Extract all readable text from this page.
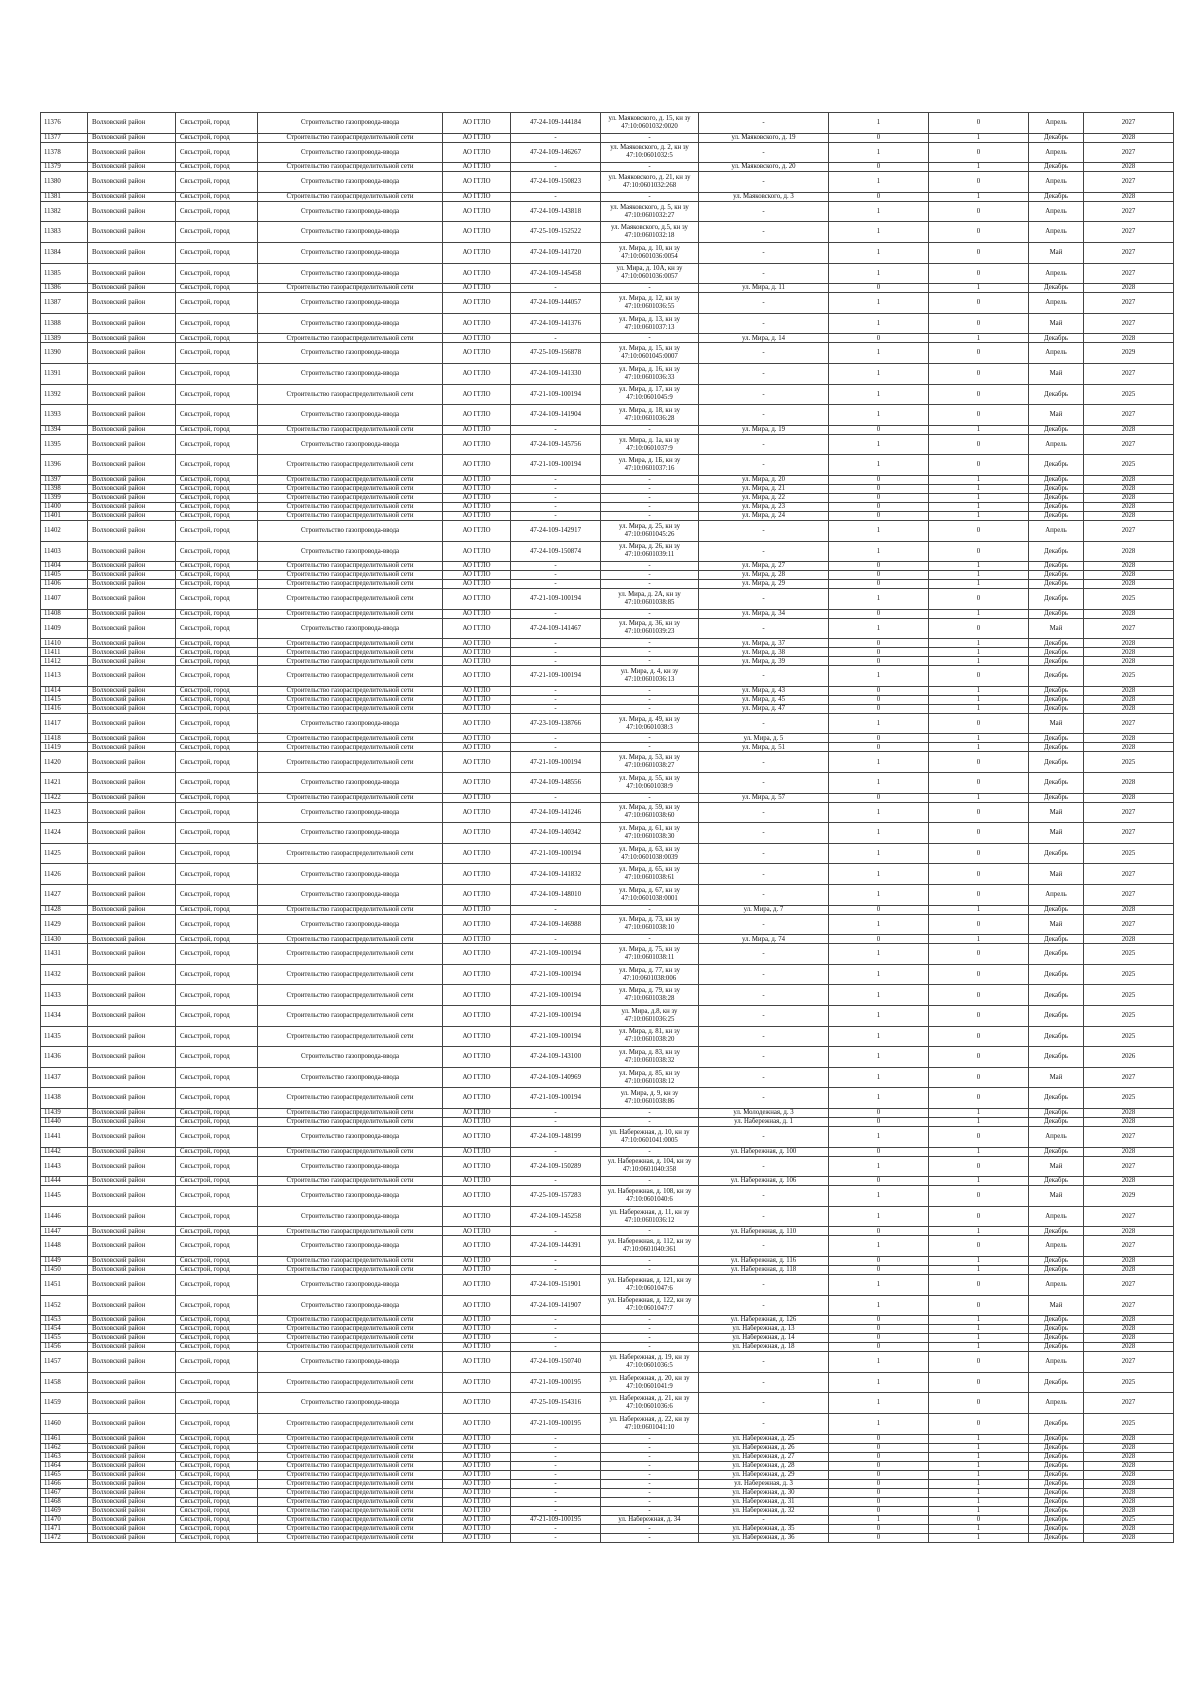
11376	Волховский район	Сясьстрой, город	Строительство газопровода-ввода	АО ГГЛО	47-24-109-144184	ул. Маяковского, д. 15, кн зу 47:10:0601032:0020	-	1	0	Апрель	2027
11377	Волховский район	Сясьстрой, город	Строительство газораспределительной сети	АО ГГЛО	-	-	ул. Маяковского, д. 19	0	1	Декабрь	2028
11378	Волховский район	Сясьстрой, город	Строительство газопровода-ввода	АО ГГЛО	47-24-109-146267	ул. Маяковского, д. 2, кн зу 47:10:0601032:5	-	1	0	Апрель	2027
11379	Волховский район	Сясьстрой, город	Строительство газораспределительной сети	АО ГГЛО	-	-	ул. Маяковского, д. 20	0	1	Декабрь	2028
11380	Волховский район	Сясьстрой, город	Строительство газопровода-ввода	АО ГГЛО	47-24-109-150823	ул. Маяковского, д. 21, кн зу 47:10:0601032:268	-	1	0	Апрель	2027
11381	Волховский район	Сясьстрой, город	Строительство газораспределительной сети	АО ГГЛО	-	-	ул. Маяковского, д. 3	0	1	Декабрь	2028
11382	Волховский район	Сясьстрой, город	Строительство газопровода-ввода	АО ГГЛО	47-24-109-143818	ул. Маяковского, д. 5, кн зу 47:10:0601032:27	-	1	0	Апрель	2027
11383	Волховский район	Сясьстрой, город	Строительство газопровода-ввода	АО ГГЛО	47-25-109-152522	ул. Маяковского, д.5, кн зу 47:10:0601032:18	-	1	0	Апрель	2027
11384	Волховский район	Сясьстрой, город	Строительство газопровода-ввода	АО ГГЛО	47-24-109-141720	ул. Мира, д. 10, кн зу 47:10:0601036:0054	-	1	0	Май	2027
11385	Волховский район	Сясьстрой, город	Строительство газопровода-ввода	АО ГГЛО	47-24-109-145458	ул. Мира, д. 10А, кн зу 47:10:0601036:0057	-	1	0	Апрель	2027
11386	Волховский район	Сясьстрой, город	Строительство газораспределительной сети	АО ГГЛО	-	-	ул. Мира, д. 11	0	1	Декабрь	2028
11387	Волховский район	Сясьстрой, город	Строительство газопровода-ввода	АО ГГЛО	47-24-109-144057	ул. Мира, д. 12, кн зу 47:10:0601036:55	-	1	0	Апрель	2027
11388	Волховский район	Сясьстрой, город	Строительство газопровода-ввода	АО ГГЛО	47-24-109-141376	ул. Мира, д. 13, кн зу 47:10:0601037:13	-	1	0	Май	2027
11389	Волховский район	Сясьстрой, город	Строительство газораспределительной сети	АО ГГЛО	-	-	ул. Мира, д. 14	0	1	Декабрь	2028
11390	Волховский район	Сясьстрой, город	Строительство газопровода-ввода	АО ГГЛО	47-25-109-156878	ул. Мира, д. 15, кн зу 47:10:0601045:0007	-	1	0	Апрель	2029
11391	Волховский район	Сясьстрой, город	Строительство газопровода-ввода	АО ГГЛО	47-24-109-141330	ул. Мира, д. 16, кн зу 47:10:0601036:33	-	1	0	Май	2027
11392	Волховский район	Сясьстрой, город	Строительство газораспределительной сети	АО ГГЛО	47-21-109-100194	ул. Мира, д. 17, кн зу 47:10:0601045:9	-	1	0	Декабрь	2025
11393	Волховский район	Сясьстрой, город	Строительство газопровода-ввода	АО ГГЛО	47-24-109-141904	ул. Мира, д. 18, кн зу 47:10:0601036:28	-	1	0	Май	2027
11394	Волховский район	Сясьстрой, город	Строительство газораспределительной сети	АО ГГЛО	-	-	ул. Мира, д. 19	0	1	Декабрь	2028
11395	Волховский район	Сясьстрой, город	Строительство газопровода-ввода	АО ГГЛО	47-24-109-145756	ул. Мира, д. 1а, кн зу 47:10:0601037:9	-	1	0	Апрель	2027
11396	Волховский район	Сясьстрой, город	Строительство газораспределительной сети	АО ГГЛО	47-21-109-100194	ул. Мира, д. 1Б, кн зу 47:10:0601037:16	-	1	0	Декабрь	2025
11397	Волховский район	Сясьстрой, город	Строительство газораспределительной сети	АО ГГЛО	-	-	ул. Мира, д. 20	0	1	Декабрь	2028
11398	Волховский район	Сясьстрой, город	Строительство газораспределительной сети	АО ГГЛО	-	-	ул. Мира, д. 21	0	1	Декабрь	2028
11399	Волховский район	Сясьстрой, город	Строительство газораспределительной сети	АО ГГЛО	-	-	ул. Мира, д. 22	0	1	Декабрь	2028
11400	Волховский район	Сясьстрой, город	Строительство газораспределительной сети	АО ГГЛО	-	-	ул. Мира, д. 23	0	1	Декабрь	2028
11401	Волховский район	Сясьстрой, город	Строительство газораспределительной сети	АО ГГЛО	-	-	ул. Мира, д. 24	0	1	Декабрь	2028
11402	Волховский район	Сясьстрой, город	Строительство газопровода-ввода	АО ГГЛО	47-24-109-142917	ул. Мира, д. 25, кн зу 47:10:0601045:26	-	1	0	Апрель	2027
11403	Волховский район	Сясьстрой, город	Строительство газопровода-ввода	АО ГГЛО	47-24-109-150874	ул. Мира, д. 26, кн зу 47:10:0601039:11	-	1	0	Декабрь	2028
11404	Волховский район	Сясьстрой, город	Строительство газораспределительной сети	АО ГГЛО	-	-	ул. Мира, д. 27	0	1	Декабрь	2028
11405	Волховский район	Сясьстрой, город	Строительство газораспределительной сети	АО ГГЛО	-	-	ул. Мира, д. 28	0	1	Декабрь	2028
11406	Волховский район	Сясьстрой, город	Строительство газораспределительной сети	АО ГГЛО	-	-	ул. Мира, д. 29	0	1	Декабрь	2028
11407	Волховский район	Сясьстрой, город	Строительство газораспределительной сети	АО ГГЛО	47-21-109-100194	ул. Мира, д. 2А, кн зу 47:10:0601038:85	-	1	0	Декабрь	2025
11408	Волховский район	Сясьстрой, город	Строительство газораспределительной сети	АО ГГЛО	-	-	ул. Мира, д. 34	0	1	Декабрь	2028
11409	Волховский район	Сясьстрой, город	Строительство газопровода-ввода	АО ГГЛО	47-24-109-141467	ул. Мира, д. 36, кн зу 47:10:0601039:23	-	1	0	Май	2027
11410	Волховский район	Сясьстрой, город	Строительство газораспределительной сети	АО ГГЛО	-	-	ул. Мира, д. 37	0	1	Декабрь	2028
11411	Волховский район	Сясьстрой, город	Строительство газораспределительной сети	АО ГГЛО	-	-	ул. Мира, д. 38	0	1	Декабрь	2028
11412	Волховский район	Сясьстрой, город	Строительство газораспределительной сети	АО ГГЛО	-	-	ул. Мира, д. 39	0	1	Декабрь	2028
11413	Волховский район	Сясьстрой, город	Строительство газораспределительной сети	АО ГГЛО	47-21-109-100194	ул. Мира, д. 4, кн зу 47:10:0601036:13	-	1	0	Декабрь	2025
11414	Волховский район	Сясьстрой, город	Строительство газораспределительной сети	АО ГГЛО	-	-	ул. Мира, д. 43	0	1	Декабрь	2028
11415	Волховский район	Сясьстрой, город	Строительство газораспределительной сети	АО ГГЛО	-	-	ул. Мира, д. 45	0	1	Декабрь	2028
11416	Волховский район	Сясьстрой, город	Строительство газораспределительной сети	АО ГГЛО	-	-	ул. Мира, д. 47	0	1	Декабрь	2028
11417	Волховский район	Сясьстрой, город	Строительство газопровода-ввода	АО ГГЛО	47-23-109-138766	ул. Мира, д. 49, кн зу 47:10:0601038:3	-	1	0	Май	2027
11418	Волховский район	Сясьстрой, город	Строительство газораспределительной сети	АО ГГЛО	-	-	ул. Мира, д. 5	0	1	Декабрь	2028
11419	Волховский район	Сясьстрой, город	Строительство газораспределительной сети	АО ГГЛО	-	-	ул. Мира, д. 51	0	1	Декабрь	2028
11420	Волховский район	Сясьстрой, город	Строительство газораспределительной сети	АО ГГЛО	47-21-109-100194	ул. Мира, д. 53, кн зу 47:10:0601038:27	-	1	0	Декабрь	2025
11421	Волховский район	Сясьстрой, город	Строительство газопровода-ввода	АО ГГЛО	47-24-109-148556	ул. Мира, д. 55, кн зу 47:10:0601038:9	-	1	0	Декабрь	2028
11422	Волховский район	Сясьстрой, город	Строительство газораспределительной сети	АО ГГЛО	-	-	ул. Мира, д. 57	0	1	Декабрь	2028
11423	Волховский район	Сясьстрой, город	Строительство газопровода-ввода	АО ГГЛО	47-24-109-141246	ул. Мира, д. 59, кн зу 47:10:0601038:60	-	1	0	Май	2027
11424	Волховский район	Сясьстрой, город	Строительство газопровода-ввода	АО ГГЛО	47-24-109-140342	ул. Мира, д. 61, кн зу 47:10:0601038:30	-	1	0	Май	2027
11425	Волховский район	Сясьстрой, город	Строительство газораспределительной сети	АО ГГЛО	47-21-109-100194	ул. Мира, д. 63, кн зу 47:10:0601038:0039	-	1	0	Декабрь	2025
11426	Волховский район	Сясьстрой, город	Строительство газопровода-ввода	АО ГГЛО	47-24-109-141832	ул. Мира, д. 65, кн зу 47:10:0601038:61	-	1	0	Май	2027
11427	Волховский район	Сясьстрой, город	Строительство газопровода-ввода	АО ГГЛО	47-24-109-148010	ул. Мира, д. 67, кн зу 47:10:0601038:0001	-	1	0	Апрель	2027
11428	Волховский район	Сясьстрой, город	Строительство газораспределительной сети	АО ГГЛО	-	-	ул. Мира, д. 7	0	1	Декабрь	2028
11429	Волховский район	Сясьстрой, город	Строительство газопровода-ввода	АО ГГЛО	47-24-109-146988	ул. Мира, д. 73, кн зу 47:10:0601038:10	-	1	0	Май	2027
11430	Волховский район	Сясьстрой, город	Строительство газораспределительной сети	АО ГГЛО	-	-	ул. Мира, д. 74	0	1	Декабрь	2028
11431	Волховский район	Сясьстрой, город	Строительство газораспределительной сети	АО ГГЛО	47-21-109-100194	ул. Мира, д. 75, кн зу 47:10:0601038:11	-	1	0	Декабрь	2025
11432	Волховский район	Сясьстрой, город	Строительство газораспределительной сети	АО ГГЛО	47-21-109-100194	ул. Мира, д. 77, кн зу 47:10:0601038:006	-	1	0	Декабрь	2025
11433	Волховский район	Сясьстрой, город	Строительство газораспределительной сети	АО ГГЛО	47-21-109-100194	ул. Мира, д. 79, кн зу 47:10:0601038:28	-	1	0	Декабрь	2025
11434	Волховский район	Сясьстрой, город	Строительство газораспределительной сети	АО ГГЛО	47-21-109-100194	ул. Мира, д.8, кн зу 47:10:0601036:25	-	1	0	Декабрь	2025
11435	Волховский район	Сясьстрой, город	Строительство газораспределительной сети	АО ГГЛО	47-21-109-100194	ул. Мира, д. 81, кн зу 47:10:0601038:20	-	1	0	Декабрь	2025
11436	Волховский район	Сясьстрой, город	Строительство газопровода-ввода	АО ГГЛО	47-24-109-143100	ул. Мира, д. 83, кн зу 47:10:0601038:32	-	1	0	Декабрь	2026
11437	Волховский район	Сясьстрой, город	Строительство газопровода-ввода	АО ГГЛО	47-24-109-140969	ул. Мира, д. 85, кн зу 47:10:0601038:12	-	1	0	Май	2027
11438	Волховский район	Сясьстрой, город	Строительство газораспределительной сети	АО ГГЛО	47-21-109-100194	ул. Мира, д. 9, кн зу 47:10:0601038:86	-	1	0	Декабрь	2025
11439	Волховский район	Сясьстрой, город	Строительство газораспределительной сети	АО ГГЛО	-	-	ул. Молодежная, д. 3	0	1	Декабрь	2028
11440	Волховский район	Сясьстрой, город	Строительство газораспределительной сети	АО ГГЛО	-	-	ул. Набережная, д. 1	0	1	Декабрь	2028
11441	Волховский район	Сясьстрой, город	Строительство газопровода-ввода	АО ГГЛО	47-24-109-148199	ул. Набережная, д. 10, кн зу 47:10:0601041:0005	-	1	0	Апрель	2027
11442	Волховский район	Сясьстрой, город	Строительство газораспределительной сети	АО ГГЛО	-	-	ул. Набережная, д. 100	0	1	Декабрь	2028
11443	Волховский район	Сясьстрой, город	Строительство газопровода-ввода	АО ГГЛО	47-24-109-150289	ул. Набережная, д. 104, кн зу 47:10:0601040:358	-	1	0	Май	2027
11444	Волховский район	Сясьстрой, город	Строительство газораспределительной сети	АО ГГЛО	-	-	ул. Набережная, д. 106	0	1	Декабрь	2028
11445	Волховский район	Сясьстрой, город	Строительство газопровода-ввода	АО ГГЛО	47-25-109-157283	ул. Набережная, д. 108, кн зу 47:10:0601040:6	-	1	0	Май	2029
11446	Волховский район	Сясьстрой, город	Строительство газопровода-ввода	АО ГГЛО	47-24-109-145258	ул. Набережная, д. 11, кн зу 47:10:0601036:12	-	1	0	Апрель	2027
11447	Волховский район	Сясьстрой, город	Строительство газораспределительной сети	АО ГГЛО	-	-	ул. Набережная, д. 110	0	1	Декабрь	2028
11448	Волховский район	Сясьстрой, город	Строительство газопровода-ввода	АО ГГЛО	47-24-109-144391	ул. Набережная, д. 112, кн зу 47:10:0601040:361	-	1	0	Апрель	2027
11449	Волховский район	Сясьстрой, город	Строительство газораспределительной сети	АО ГГЛО	-	-	ул. Набережная, д. 116	0	1	Декабрь	2028
11450	Волховский район	Сясьстрой, город	Строительство газораспределительной сети	АО ГГЛО	-	-	ул. Набережная, д. 118	0	1	Декабрь	2028
11451	Волховский район	Сясьстрой, город	Строительство газопровода-ввода	АО ГГЛО	47-24-109-151901	ул. Набережная, д. 121, кн зу 47:10:0601047:6	-	1	0	Апрель	2027
11452	Волховский район	Сясьстрой, город	Строительство газопровода-ввода	АО ГГЛО	47-24-109-141907	ул. Набережная, д. 122, кн зу 47:10:0601047:7	-	1	0	Май	2027
11453	Волховский район	Сясьстрой, город	Строительство газораспределительной сети	АО ГГЛО	-	-	ул. Набережная, д. 126	0	1	Декабрь	2028
11454	Волховский район	Сясьстрой, город	Строительство газораспределительной сети	АО ГГЛО	-	-	ул. Набережная, д. 13	0	1	Декабрь	2028
11455	Волховский район	Сясьстрой, город	Строительство газораспределительной сети	АО ГГЛО	-	-	ул. Набережная, д. 14	0	1	Декабрь	2028
11456	Волховский район	Сясьстрой, город	Строительство газораспределительной сети	АО ГГЛО	-	-	ул. Набережная, д. 18	0	1	Декабрь	2028
11457	Волховский район	Сясьстрой, город	Строительство газопровода-ввода	АО ГГЛО	47-24-109-150740	ул. Набережная, д. 19, кн зу 47:10:0601036:5	-	1	0	Апрель	2027
11458	Волховский район	Сясьстрой, город	Строительство газораспределительной сети	АО ГГЛО	47-21-109-100195	ул. Набережная, д. 20, кн зу 47:10:0601041:9	-	1	0	Декабрь	2025
11459	Волховский район	Сясьстрой, город	Строительство газопровода-ввода	АО ГГЛО	47-25-109-154316	ул. Набережная, д. 21, кн зу 47:10:0601036:6	-	1	0	Апрель	2027
11460	Волховский район	Сясьстрой, город	Строительство газораспределительной сети	АО ГГЛО	47-21-109-100195	ул. Набережная, д. 22, кн зу 47:10:0601041:10	-	1	0	Декабрь	2025
11461	Волховский район	Сясьстрой, город	Строительство газораспределительной сети	АО ГГЛО	-	-	ул. Набережная, д. 25	0	1	Декабрь	2028
11462	Волховский район	Сясьстрой, город	Строительство газораспределительной сети	АО ГГЛО	-	-	ул. Набережная, д. 26	0	1	Декабрь	2028
11463	Волховский район	Сясьстрой, город	Строительство газораспределительной сети	АО ГГЛО	-	-	ул. Набережная, д. 27	0	1	Декабрь	2028
11464	Волховский район	Сясьстрой, город	Строительство газораспределительной сети	АО ГГЛО	-	-	ул. Набережная, д. 28	0	1	Декабрь	2028
11465	Волховский район	Сясьстрой, город	Строительство газораспределительной сети	АО ГГЛО	-	-	ул. Набережная, д. 29	0	1	Декабрь	2028
11466	Волховский район	Сясьстрой, город	Строительство газораспределительной сети	АО ГГЛО	-	-	ул. Набережная, д. 3	0	1	Декабрь	2028
11467	Волховский район	Сясьстрой, город	Строительство газораспределительной сети	АО ГГЛО	-	-	ул. Набережная, д. 30	0	1	Декабрь	2028
11468	Волховский район	Сясьстрой, город	Строительство газораспределительной сети	АО ГГЛО	-	-	ул. Набережная, д. 31	0	1	Декабрь	2028
11469	Волховский район	Сясьстрой, город	Строительство газораспределительной сети	АО ГГЛО	-	-	ул. Набережная, д. 32	0	1	Декабрь	2028
11470	Волховский район	Сясьстрой, город	Строительство газораспределительной сети	АО ГГЛО	47-21-109-100195	ул. Набережная, д. 34	-	1	0	Декабрь	2025
11471	Волховский район	Сясьстрой, город	Строительство газораспределительной сети	АО ГГЛО	-	-	ул. Набережная, д. 35	0	1	Декабрь	2028
11472	Волховский район	Сясьстрой, город	Строительство газораспределительной сети	АО ГГЛО	-	-	ул. Набережная, д. 36	0	1	Декабрь	2028
